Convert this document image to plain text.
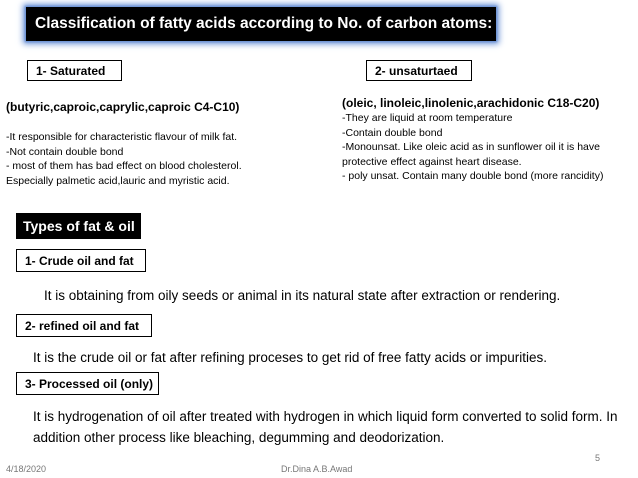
Classification of fatty acids according to No. of carbon atoms:
1- Saturated
(butyric,caproic,caprylic,caproic C4-C10)
-It responsible for characteristic flavour of milk fat.
-Not contain double bond
- most of them has bad effect on blood cholesterol.
Especially palmetic acid,lauric and myristic acid.
2- unsaturtaed
(oleic, linoleic,linolenic,arachidonic C18-C20)
-They are liquid at room temperature
-Contain double bond
-Monounsat. Like oleic acid as in sunflower oil it is have
protective effect against heart disease.
- poly unsat. Contain many double bond (more rancidity)
Types of fat & oil
1- Crude oil and fat
It is obtaining from oily seeds or animal in its natural state after extraction or rendering.
2- refined oil and fat
It is the crude oil or fat after refining proceses to get rid of free fatty acids or impurities.
3- Processed oil (only)
It is hydrogenation of oil after treated with hydrogen in which liquid form converted to solid form. In addition other process like bleaching, degumming and deodorization.
5
4/18/2020	Dr.Dina A.B.Awad
